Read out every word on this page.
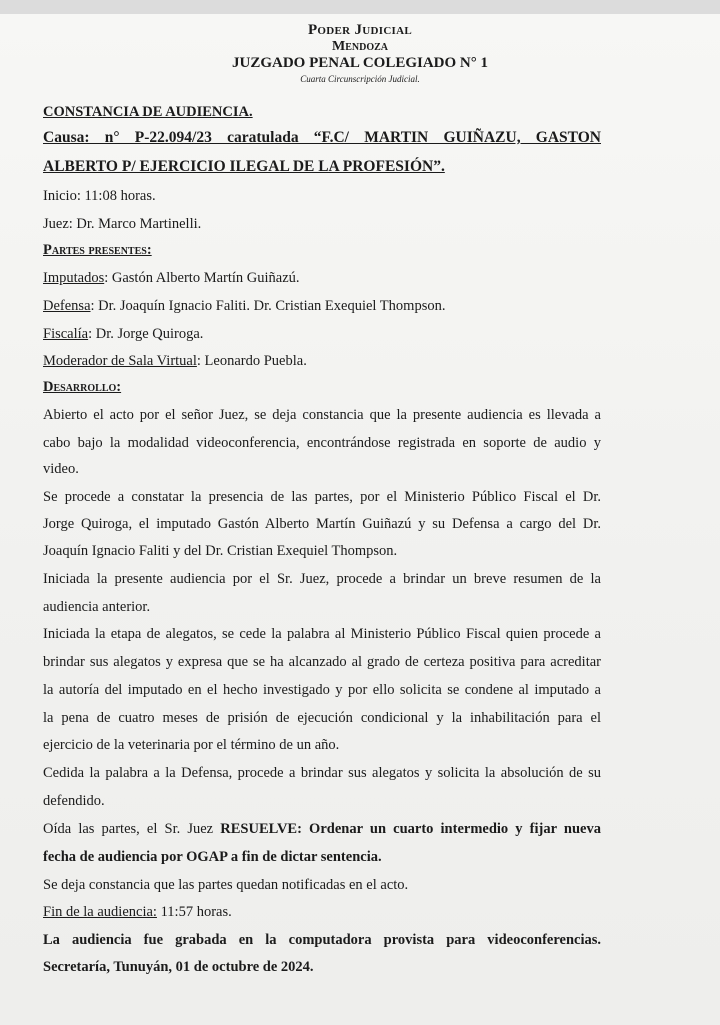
Poder Judicial
Mendoza
JUZGADO PENAL COLEGIADO N° 1
Cuarta Circunscripción Judicial.
CONSTANCIA DE AUDIENCIA.
Causa: n° P-22.094/23 caratulada “F.C/ MARTIN GUIÑAZU, GASTON
ALBERTO P/ EJERCICIO ILEGAL DE LA PROFESIÓN”.
Inicio: 11:08 horas.
Juez: Dr. Marco Martinelli.
Partes presentes:
Imputados: Gastón Alberto Martín Guiñazú.
Defensa: Dr. Joaquín Ignacio Faliti. Dr. Cristian Exequiel Thompson.
Fiscalía: Dr. Jorge Quiroga.
Moderador de Sala Virtual: Leonardo Puebla.
Desarrollo:
Abierto el acto por el señor Juez, se deja constancia que la presente audiencia es llevada a
cabo bajo la modalidad videoconferencia, encontrándose registrada en soporte de audio y
video.
Se procede a constatar la presencia de las partes, por el Ministerio Público Fiscal el Dr.
Jorge Quiroga, el imputado Gastón Alberto Martín Guiñazú y su Defensa a cargo del Dr.
Joaquín Ignacio Faliti y del Dr. Cristian Exequiel Thompson.
Iniciada la presente audiencia por el Sr. Juez, procede a brindar un breve resumen de la
audiencia anterior.
Iniciada la etapa de alegatos, se cede la palabra al Ministerio Público Fiscal quien procede a
brindar sus alegatos y expresa que se ha alcanzado al grado de certeza positiva para acreditar
la autoría del imputado en el hecho investigado y por ello solicita se condene al imputado a
la pena de cuatro meses de prisión de ejecución condicional y la inhabilitación para el
ejercicio de la veterinaria por el término de un año.
Cedida la palabra a la Defensa, procede a brindar sus alegatos y solicita la absolución de su
defendido.
Oída las partes, el Sr. Juez RESUELVE: Ordenar un cuarto intermedio y fijar nueva
fecha de audiencia por OGAP a fin de dictar sentencia.
Se deja constancia que las partes quedan notificadas en el acto.
Fin de la audiencia: 11:57 horas.
La audiencia fue grabada en la computadora provista para videoconferencias.
Secretaría, Tunuyán, 01 de octubre de 2024.
